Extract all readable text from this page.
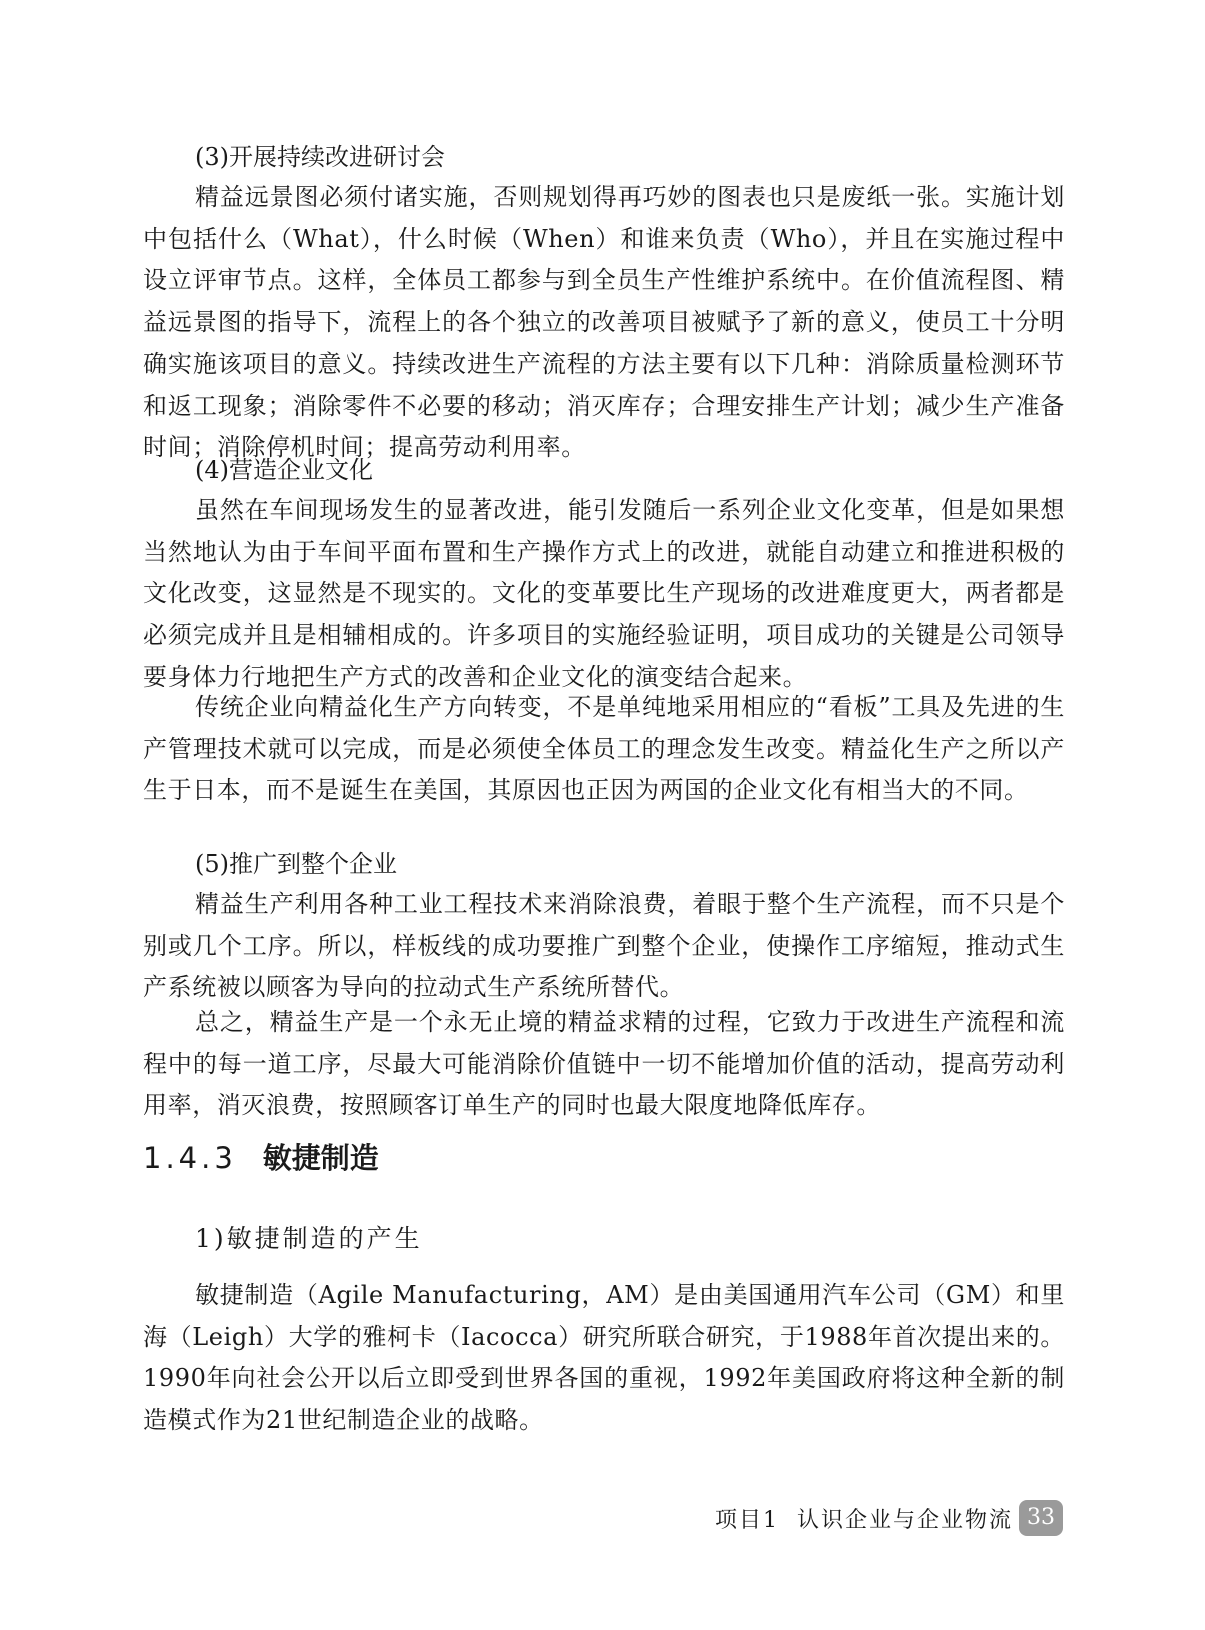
(3)开展持续改进研讨会

精益远景图必须付诸实施，否则规划得再巧妙的图表也只是废纸一张。实施计划中包括什么（What），什么时候（When）和谁来负责（Who），并且在实施过程中设立评审节点。这样，全体员工都参与到全员生产性维护系统中。在价值流程图、精益远景图的指导下，流程上的各个独立的改善项目被赋予了新的意义，使员工十分明确实施该项目的意义。持续改进生产流程的方法主要有以下几种：消除质量检测环节和返工现象；消除零件不必要的移动；消灭库存；合理安排生产计划；减少生产准备时间；消除停机时间；提高劳动利用率。

(4)营造企业文化

虽然在车间现场发生的显著改进，能引发随后一系列企业文化变革，但是如果想当然地认为由于车间平面布置和生产操作方式上的改进，就能自动建立和推进积极的文化改变，这显然是不现实的。文化的变革要比生产现场的改进难度更大，两者都是必须完成并且是相辅相成的。许多项目的实施经验证明，项目成功的关键是公司领导要身体力行地把生产方式的改善和企业文化的演变结合起来。

传统企业向精益化生产方向转变，不是单纯地采用相应的“看板”工具及先进的生产管理技术就可以完成，而是必须使全体员工的理念发生改变。精益化生产之所以产生于日本，而不是诞生在美国，其原因也正因为两国的企业文化有相当大的不同。

(5)推广到整个企业

精益生产利用各种工业工程技术来消除浪费，着眼于整个生产流程，而不只是个别或几个工序。所以，样板线的成功要推广到整个企业，使操作工序缩短，推动式生产系统被以顾客为导向的拉动式生产系统所替代。

总之，精益生产是一个永无止境的精益求精的过程，它致力于改进生产流程和流程中的每一道工序，尽最大可能消除价值链中一切不能增加价值的活动，提高劳动利用率，消灭浪费，按照顾客订单生产的同时也最大限度地降低库存。

1.4.3 敏捷制造

1)敏捷制造的产生

敏捷制造（Agile Manufacturing，AM）是由美国通用汽车公司（GM）和里海（Leigh）大学的雅柯卡（Iacocca）研究所联合研究，于1988年首次提出来的。1990年向社会公开以后立即受到世界各国的重视，1992年美国政府将这种全新的制造模式作为21世纪制造企业的战略。

项目1 认识企业与企业物流 33
